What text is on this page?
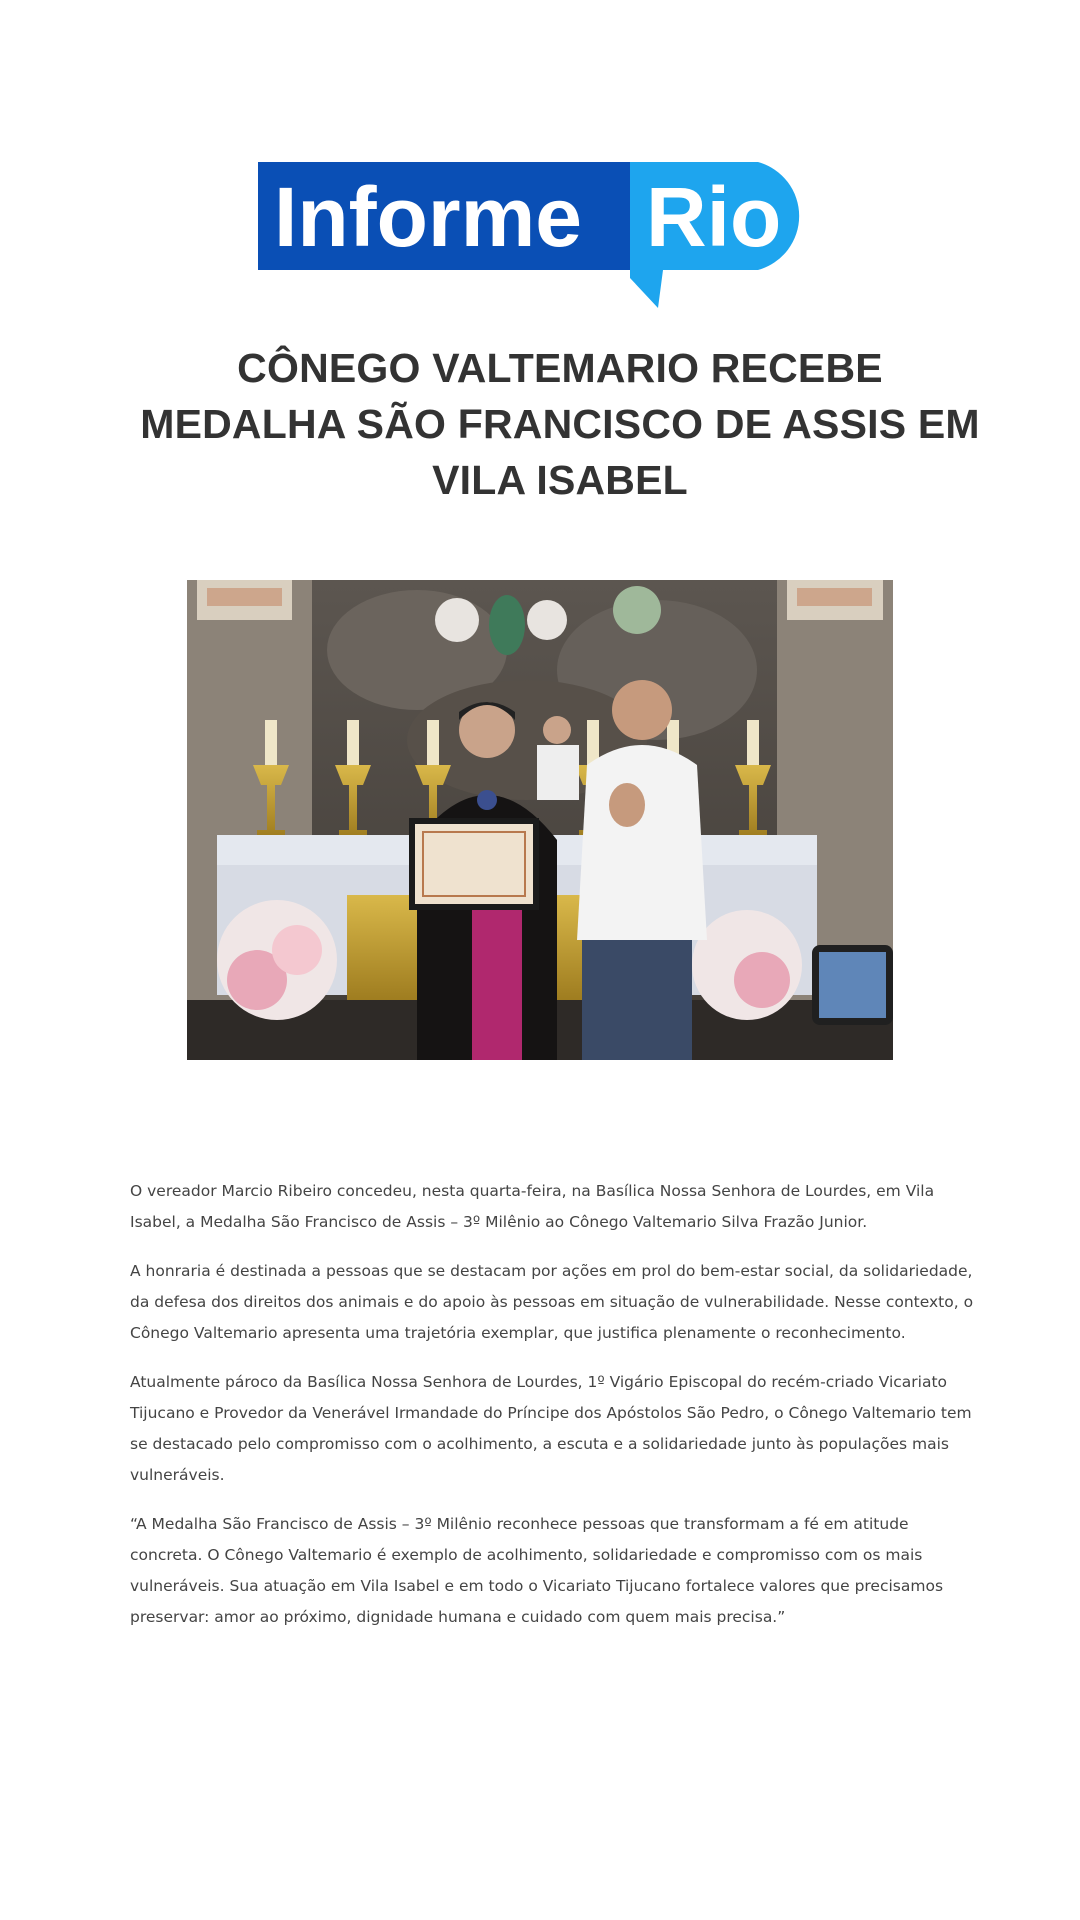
Informe Rio
CÔNEGO VALTEMARIO RECEBE MEDALHA SÃO FRANCISCO DE ASSIS EM VILA ISABEL

O vereador Marcio Ribeiro concedeu, nesta quarta-feira, na Basílica Nossa Senhora de Lourdes, em Vila Isabel, a Medalha São Francisco de Assis – 3º Milênio ao Cônego Valtemario Silva Frazão Junior.

A honraria é destinada a pessoas que se destacam por ações em prol do bem-estar social, da solidariedade, da defesa dos direitos dos animais e do apoio às pessoas em situação de vulnerabilidade. Nesse contexto, o Cônego Valtemario apresenta uma trajetória exemplar, que justifica plenamente o reconhecimento.

Atualmente pároco da Basílica Nossa Senhora de Lourdes, 1º Vigário Episcopal do recém-criado Vicariato Tijucano e Provedor da Venerável Irmandade do Príncipe dos Apóstolos São Pedro, o Cônego Valtemario tem se destacado pelo compromisso com o acolhimento, a escuta e a solidariedade junto às populações mais vulneráveis.

“A Medalha São Francisco de Assis – 3º Milênio reconhece pessoas que transformam a fé em atitude concreta. O Cônego Valtemario é exemplo de acolhimento, solidariedade e compromisso com os mais vulneráveis. Sua atuação em Vila Isabel e em todo o Vicariato Tijucano fortalece valores que precisamos preservar: amor ao próximo, dignidade humana e cuidado com quem mais precisa.”
